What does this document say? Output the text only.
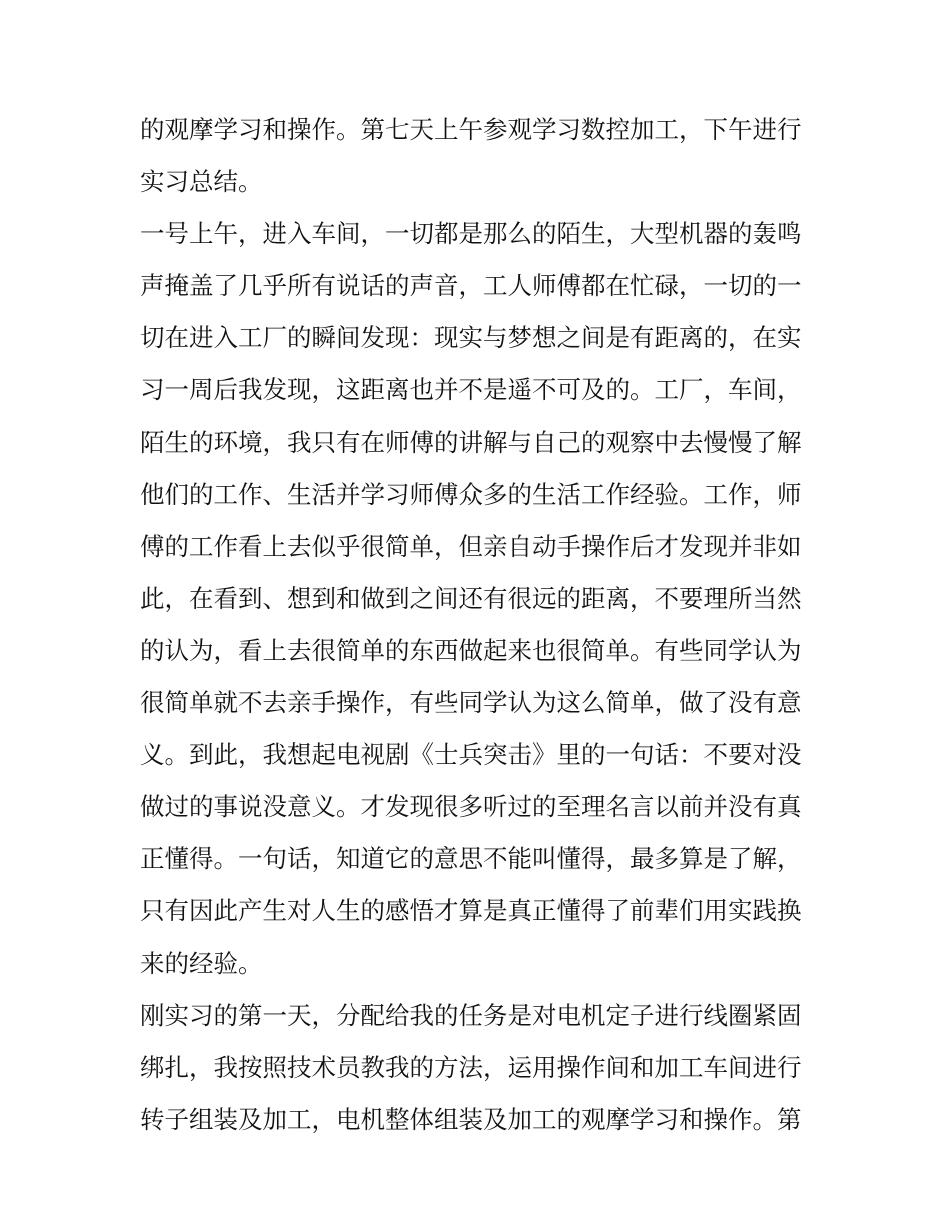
的观摩学习和操作。第七天上午参观学习数控加工，下午进行
实习总结。
一号上午，进入车间，一切都是那么的陌生，大型机器的轰鸣
声掩盖了几乎所有说话的声音，工人师傅都在忙碌，一切的一
切在进入工厂的瞬间发现：现实与梦想之间是有距离的，在实
习一周后我发现，这距离也并不是遥不可及的。工厂，车间，
陌生的环境，我只有在师傅的讲解与自己的观察中去慢慢了解
他们的工作、生活并学习师傅众多的生活工作经验。工作，师
傅的工作看上去似乎很简单，但亲自动手操作后才发现并非如
此，在看到、想到和做到之间还有很远的距离，不要理所当然
的认为，看上去很简单的东西做起来也很简单。有些同学认为
很简单就不去亲手操作，有些同学认为这么简单，做了没有意
义。到此，我想起电视剧《士兵突击》里的一句话：不要对没
做过的事说没意义。才发现很多听过的至理名言以前并没有真
正懂得。一句话，知道它的意思不能叫懂得，最多算是了解，
只有因此产生对人生的感悟才算是真正懂得了前辈们用实践换
来的经验。
刚实习的第一天，分配给我的任务是对电机定子进行线圈紧固
绑扎，我按照技术员教我的方法，运用操作间和加工车间进行
转子组装及加工，电机整体组装及加工的观摩学习和操作。第
